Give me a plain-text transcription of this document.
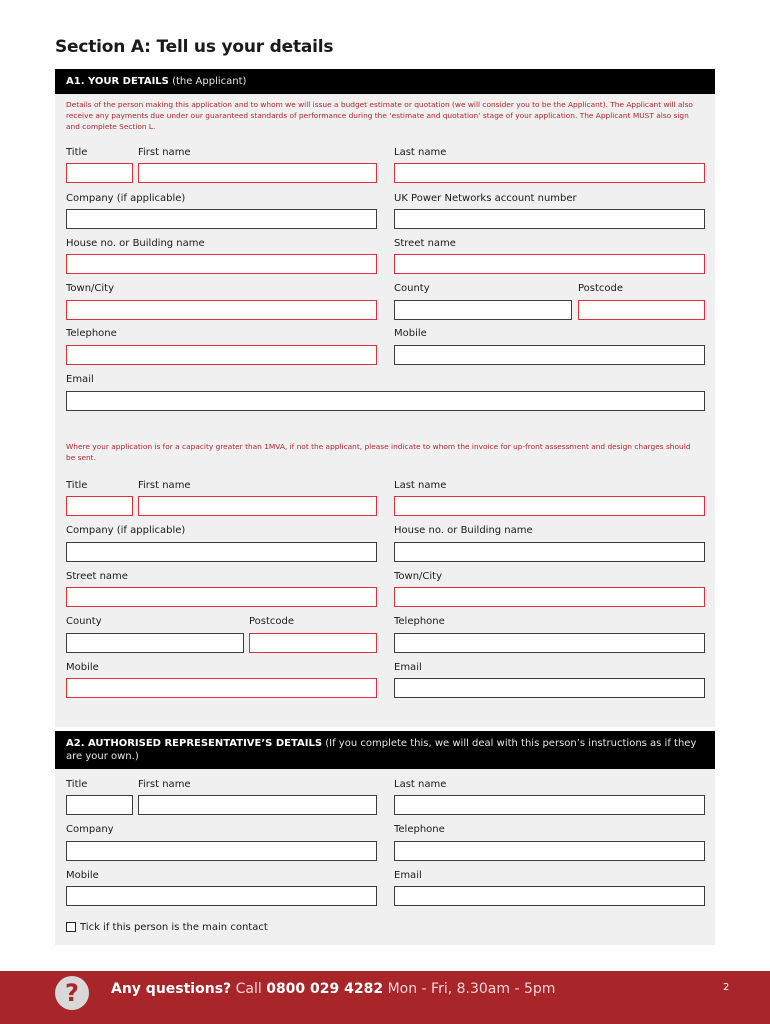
Section A: Tell us your details
A1. YOUR DETAILS (the Applicant)

Details of the person making this application and to whom we will issue a budget estimate or quotation (we will consider you to be the Applicant). The Applicant will also receive any payments due under our guaranteed standards of performance during the ‘estimate and quotation’ stage of your application. The Applicant MUST also sign and complete Section L.

Title	First name	Last name
Company (if applicable)	UK Power Networks account number
House no. or Building name	Street name
Town/City	County	Postcode
Telephone	Mobile
Email

Where your application is for a capacity greater than 1MVA, if not the applicant, please indicate to whom the invoice for up-front assessment and design charges should be sent.

Title	First name	Last name
Company (if applicable)	House no. or Building name
Street name	Town/City
County	Postcode	Telephone
Mobile	Email
A2. AUTHORISED REPRESENTATIVE’S DETAILS (If you complete this, we will deal with this person’s instructions as if they are your own.)
Title	First name	Last name
Company	Telephone
Mobile	Email
Tick if this person is the main contact
?	Any questions? Call 0800 029 4282 Mon - Fri, 8.30am - 5pm	2
